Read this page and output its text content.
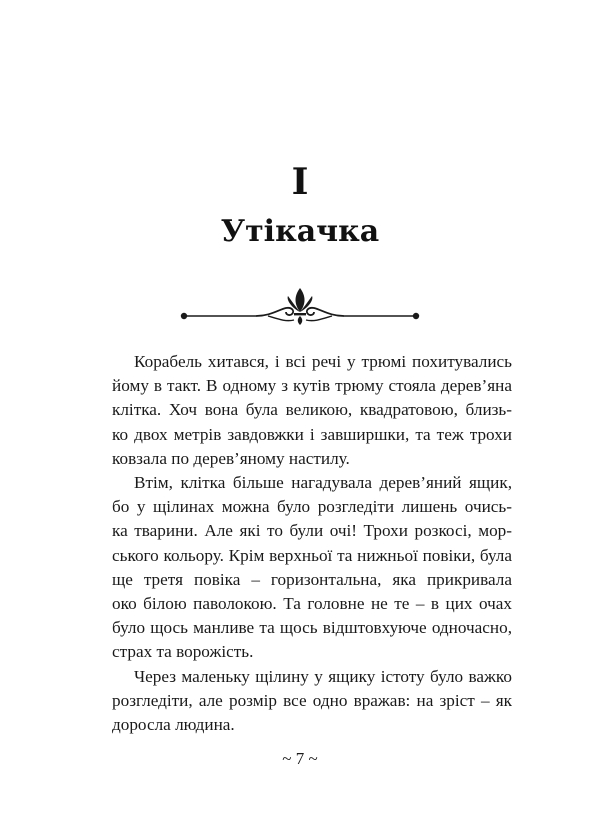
I
Утікачка

Корабель хитався, і всі речі у трюмі похитувались
йому в такт. В одному з кутів трюму стояла дерев’яна
клітка. Хоч вона була великою, квадратовою, близь-
ко двох метрів завдовжки і завширшки, та теж трохи
ковзала по дерев’яному настилу.

Втім, клітка більше нагадувала дерев’яний ящик,
бо у щілинах можна було розгледіти лишень очись-
ка тварини. Але які то були очі! Трохи розкосі, мор-
ського кольору. Крім верхньої та нижньої повіки, була
ще третя повіка – горизонтальна, яка прикривала
око білою паволокою. Та головне не те – в цих очах
було щось манливе та щось відштовхуюче одночасно,
страх та ворожість.

Через маленьку щілину у ящику істоту було важко
розгледіти, але розмір все одно вражав: на зріст – як
доросла людина.

~ 7 ~
